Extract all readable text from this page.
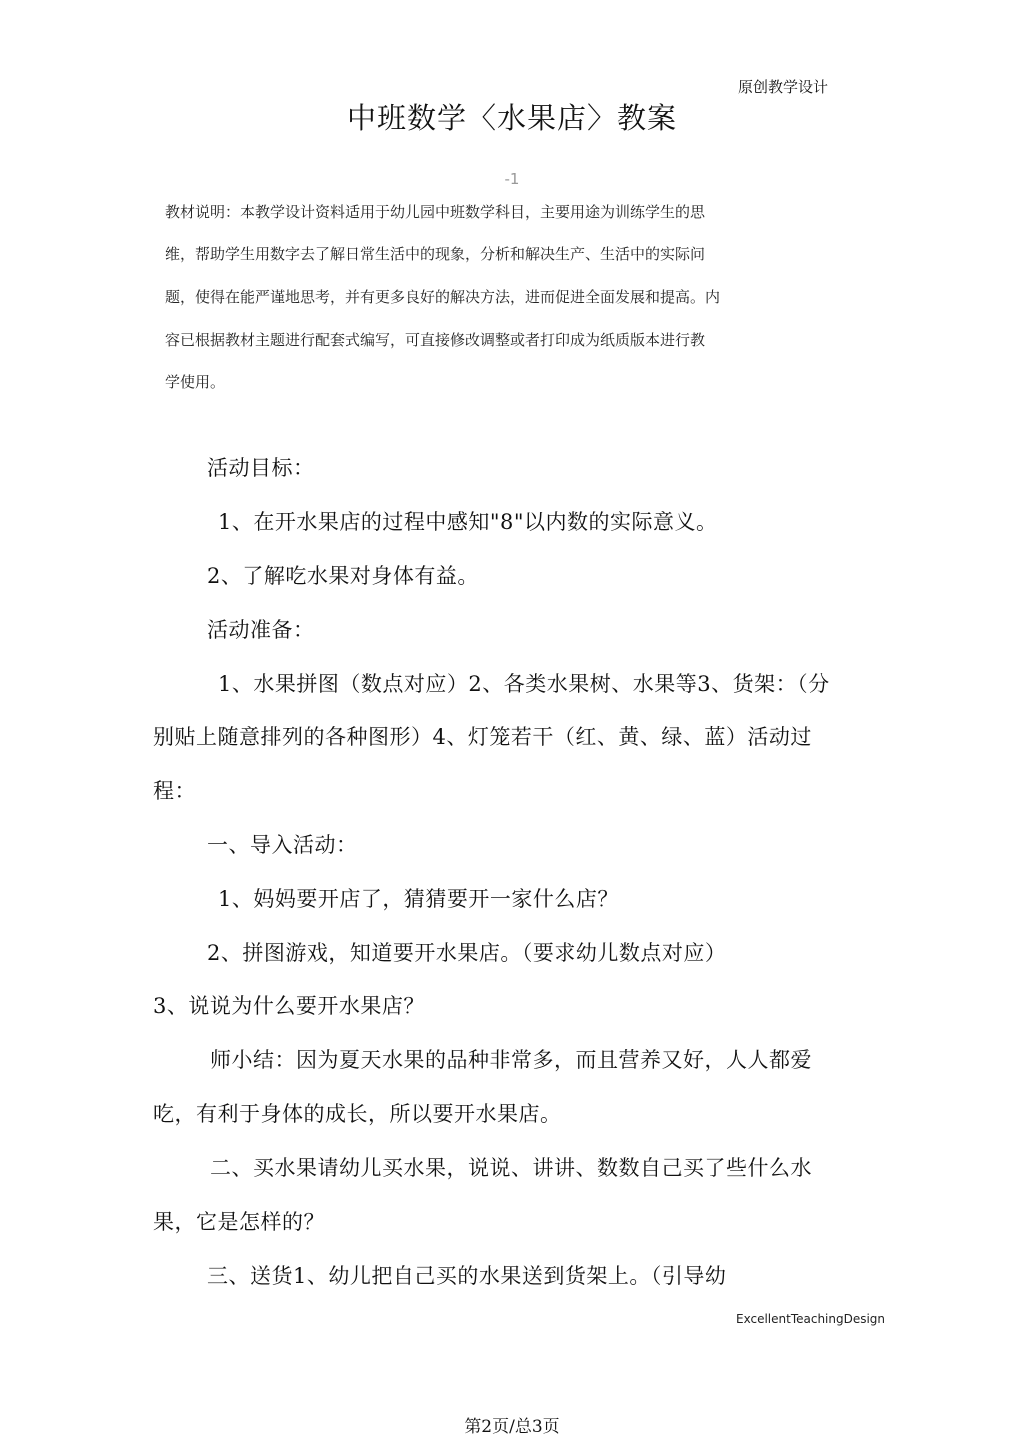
原创教学设计
中班数学〈水果店〉教案
-1
教材说明：本教学设计资料适用于幼儿园中班数学科目，主要用途为训练学生的思
维，帮助学生用数字去了解日常生活中的现象，分析和解决生产、生活中的实际问
题，使得在能严谨地思考，并有更多良好的解决方法，进而促进全面发展和提高。内
容已根据教材主题进行配套式编写，可直接修改调整或者打印成为纸质版本进行教
学使用。
活动目标：
1、在开水果店的过程中感知"8"以内数的实际意义。
2、了解吃水果对身体有益。
活动准备：
1、水果拼图（数点对应）2、各类水果树、水果等3、货架：（分
别贴上随意排列的各种图形）4、灯笼若干（红、黄、绿、蓝）活动过
程：
一、导入活动：
1、妈妈要开店了，猜猜要开一家什么店？
2、拼图游戏，知道要开水果店。（要求幼儿数点对应）
3、说说为什么要开水果店？
师小结：因为夏天水果的品种非常多，而且营养又好，人人都爱
吃，有利于身体的成长，所以要开水果店。
二、买水果请幼儿买水果，说说、讲讲、数数自己买了些什么水
果，它是怎样的？
三、送货1、幼儿把自己买的水果送到货架上。（引导幼
ExcellentTeachingDesign
第2页/总3页
